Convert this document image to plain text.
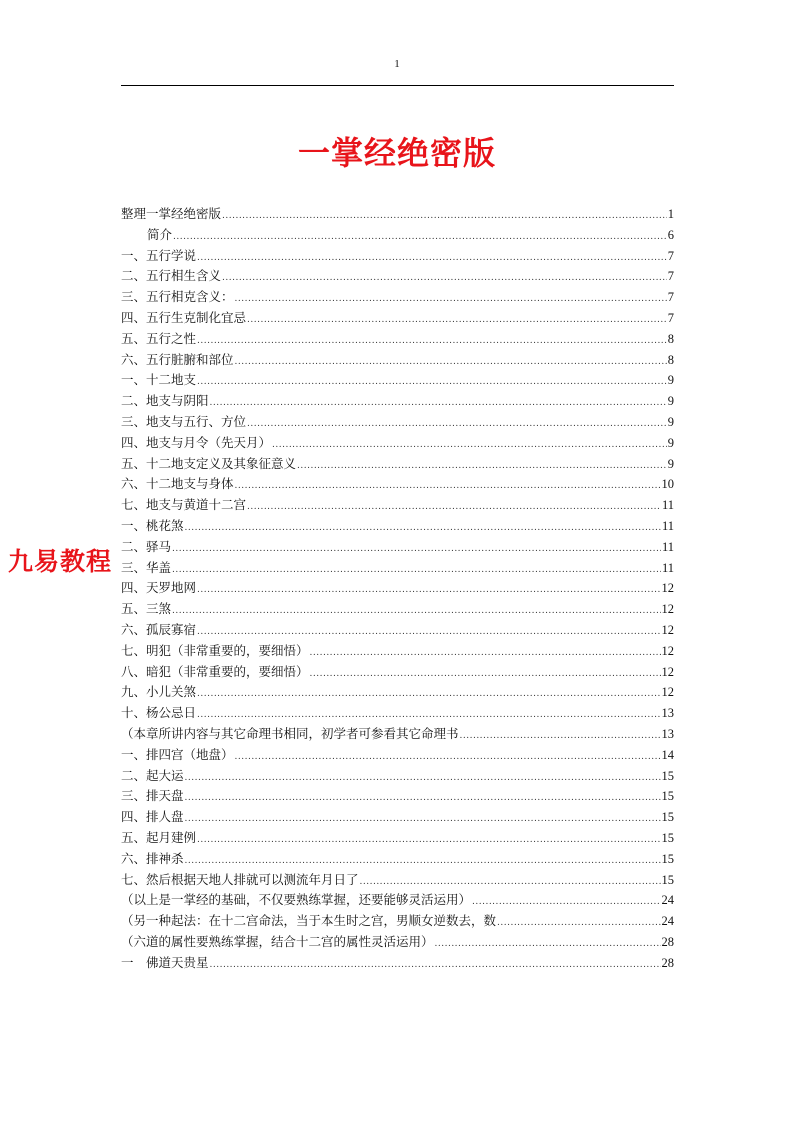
1
一掌经绝密版
整理一掌经绝密版 .....	1
简介 .....	6
一、五行学说 .....	7
二、五行相生含义 .....	7
三、五行相克含义： .....	7
四、五行生克制化宜忌 .....	7
五、五行之性 .....	8
六、五行脏腑和部位 .....	8
一、十二地支 .....	9
二、地支与阴阳 .....	9
三、地支与五行、方位 .....	9
四、地支与月令（先天月） .....	9
五、十二地支定义及其象征意义 .....	9
六、十二地支与身体 .....	10
七、地支与黄道十二宫 .....	11
一、桃花煞 .....	11
二、驿马 .....	11
三、华盖 .....	11
四、天罗地网 .....	12
五、三煞 .....	12
六、孤辰寡宿 .....	12
七、明犯（非常重要的，要细悟） .....	12
八、暗犯（非常重要的，要细悟） .....	12
九、小儿关煞 .....	12
十、杨公忌日 .....	13
（本章所讲内容与其它命理书相同，初学者可参看其它命理书 .....	13
一、排四宫（地盘） .....	14
二、起大运 .....	15
三、排天盘 .....	15
四、排人盘 .....	15
五、起月建例 .....	15
六、排神杀 .....	15
七、然后根据天地人排就可以测流年月日了 .....	15
（以上是一掌经的基础，不仅要熟练掌握，还要能够灵活运用） .....	24
（另一种起法：在十二宫命法，当于本生时之宫，男顺女逆数去，数 .....	24
（六道的属性要熟练掌握，结合十二宫的属性灵活运用） .....	28
一　佛道天贵星 .....	28
九易教程
